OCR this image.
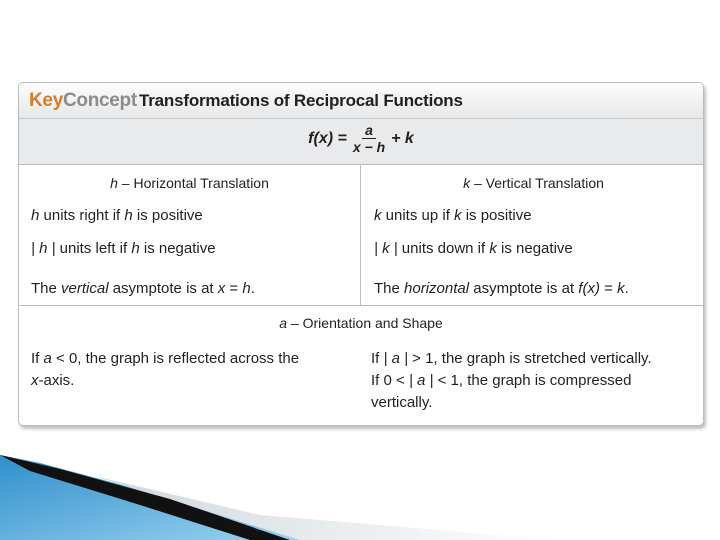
KeyConcept Transformations of Reciprocal Functions
$f(x) = \frac{a}{x - h} + k$
h – Horizontal Translation
h units right if h is positive
| h | units left if h is negative
The vertical asymptote is at x = h.
k – Vertical Translation
k units up if k is positive
| k | units down if k is negative
The horizontal asymptote is at f(x) = k.
a – Orientation and Shape
If a < 0, the graph is reflected across the x-axis.
If | a | > 1, the graph is stretched vertically.
If 0 < | a | < 1, the graph is compressed vertically.
